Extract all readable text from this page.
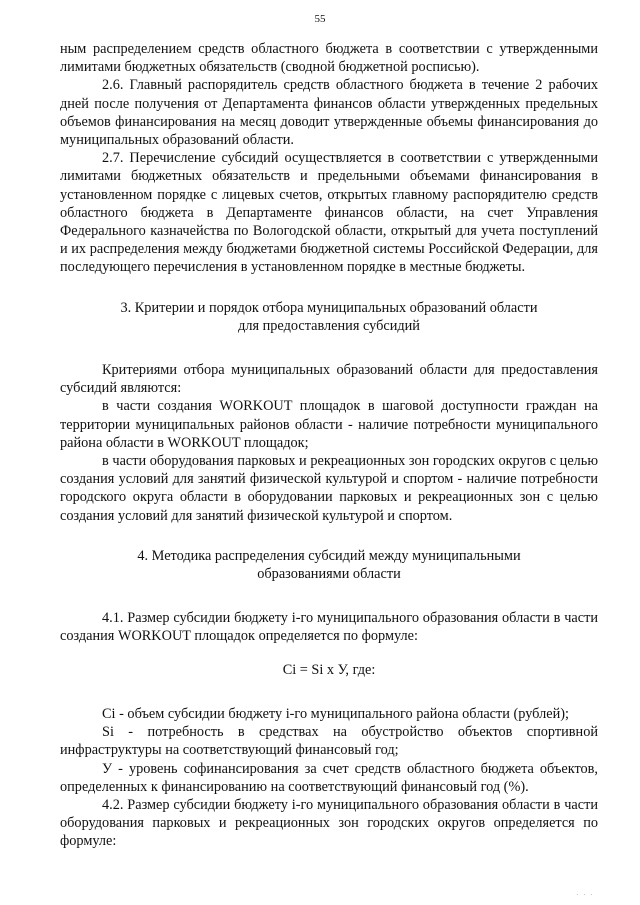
55

ным распределением средств областного бюджета в соответствии с утвержденными лимитами бюджетных обязательств (сводной бюджетной росписью).

2.6. Главный распорядитель средств областного бюджета в течение 2 рабочих дней после получения от Департамента финансов области утвержденных предельных объемов финансирования на месяц доводит утвержденные объемы финансирования до муниципальных образований области.

2.7. Перечисление субсидий осуществляется в соответствии с утвержденными лимитами бюджетных обязательств и предельными объемами финансирования в установленном порядке с лицевых счетов, открытых главному распорядителю средств областного бюджета в Департаменте финансов области, на счет Управления Федерального казначейства по Вологодской области, открытый для учета поступлений и их распределения между бюджетами бюджетной системы Российской Федерации, для последующего перечисления в установленном порядке в местные бюджеты.

3. Критерии и порядок отбора муниципальных образований области для предоставления субсидий

Критериями отбора муниципальных образований области для предоставления субсидий являются:

в части создания WORKOUT площадок в шаговой доступности граждан на территории муниципальных районов области - наличие потребности муниципального района области в WORKOUT площадок;

в части оборудования парковых и рекреационных зон городских округов с целью создания условий для занятий физической культурой и спортом - наличие потребности городского округа области в оборудовании парковых и рекреационных зон с целью создания условий для занятий физической культурой и спортом.

4. Методика распределения субсидий между муниципальными образованиями области

4.1. Размер субсидии бюджету i-го муниципального образования области в части создания WORKOUT площадок определяется по формуле:

Ci = Si x У, где:

Ci - объем субсидии бюджету i-го муниципального района области (рублей);

Si - потребность в средствах на обустройство объектов спортивной инфраструктуры на соответствующий финансовый год;

У - уровень софинансирования за счет средств областного бюджета объектов, определенных к финансированию на соответствующий финансовый год (%).

4.2. Размер субсидии бюджету i-го муниципального образования области в части оборудования парковых и рекреационных зон городских округов определяется по формуле:

. . .
